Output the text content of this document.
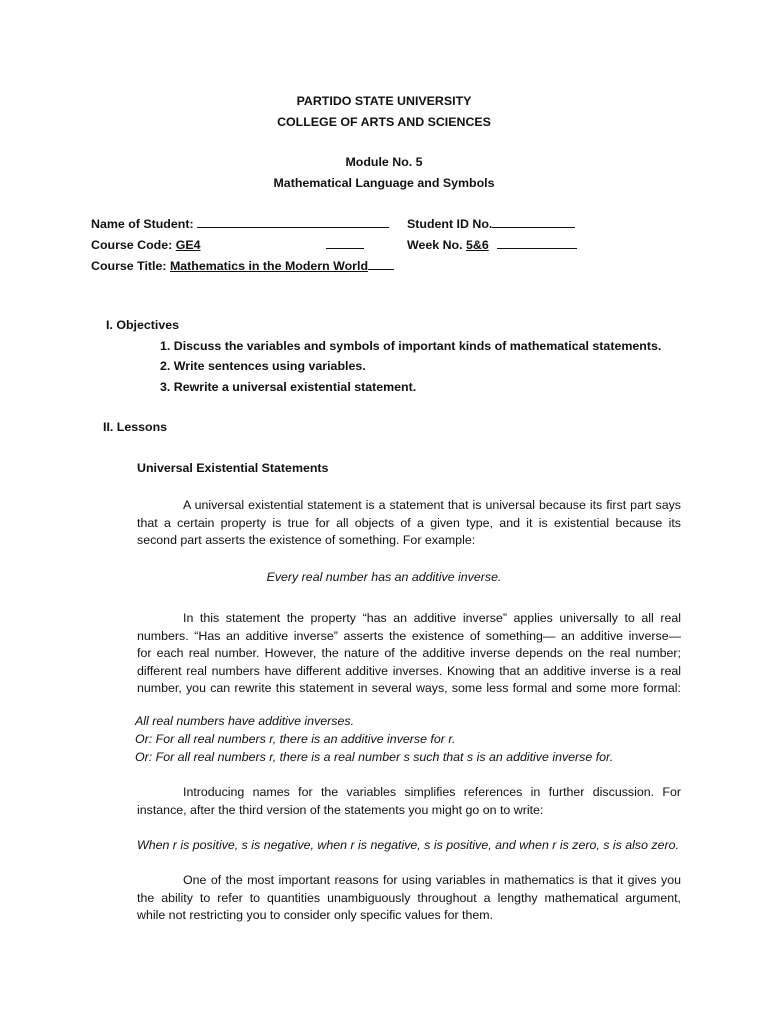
PARTIDO STATE UNIVERSITY
COLLEGE OF ARTS AND SCIENCES
Module No. 5
Mathematical Language and Symbols
Name of Student:	Student ID No.
Course Code: GE4	Week No. 5&6
Course Title: Mathematics in the Modern World
I. Objectives
1. Discuss the variables and symbols of important kinds of mathematical statements.
2. Write sentences using variables.
3. Rewrite a universal existential statement.
II. Lessons
Universal Existential Statements
A universal existential statement is a statement that is universal because its first part says
that a certain property is true for all objects of a given type, and it is existential because its
second part asserts the existence of something. For example:
Every real number has an additive inverse.
In this statement the property “has an additive inverse” applies universally to all real
numbers. “Has an additive inverse” asserts the existence of something— an additive inverse—
for each real number. However, the nature of the additive inverse depends on the real number;
different real numbers have different additive inverses. Knowing that an additive inverse is a real
number, you can rewrite this statement in several ways, some less formal and some more formal:
All real numbers have additive inverses.
Or: For all real numbers r, there is an additive inverse for r.
Or: For all real numbers r, there is a real number s such that s is an additive inverse for.
Introducing names for the variables simplifies references in further discussion. For
instance, after the third version of the statements you might go on to write:
When r is positive, s is negative, when r is negative, s is positive, and when r is zero, s is also zero.
One of the most important reasons for using variables in mathematics is that it gives you
the ability to refer to quantities unambiguously throughout a lengthy mathematical argument,
while not restricting you to consider only specific values for them.
